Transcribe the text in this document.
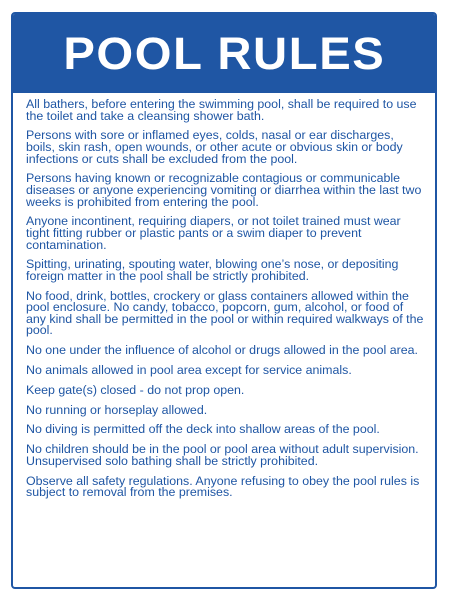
POOL RULES

All bathers, before entering the swimming pool, shall be required to use the toilet and take a cleansing shower bath.

Persons with sore or inflamed eyes, colds, nasal or ear discharges, boils, skin rash, open wounds, or other acute or obvious skin or body infections or cuts shall be excluded from the pool.

Persons having known or recognizable contagious or communicable diseases or anyone experiencing vomiting or diarrhea within the last two weeks is prohibited from entering the pool.

Anyone incontinent, requiring diapers, or not toilet trained must wear tight fitting rubber or plastic pants or a swim diaper to prevent contamination.

Spitting, urinating, spouting water, blowing one’s nose, or depositing foreign matter in the pool shall be strictly prohibited.

No food, drink, bottles, crockery or glass containers allowed within the pool enclosure. No candy, tobacco, popcorn, gum, alcohol, or food of any kind shall be permitted in the pool or within required walkways of the pool.

No one under the influence of alcohol or drugs allowed in the pool area.

No animals allowed in pool area except for service animals.

Keep gate(s) closed - do not prop open.

No running or horseplay allowed.

No diving is permitted off the deck into shallow areas of the pool.

No children should be in the pool or pool area without adult supervision. Unsupervised solo bathing shall be strictly prohibited.

Observe all safety regulations. Anyone refusing to obey the pool rules is subject to removal from the premises.
